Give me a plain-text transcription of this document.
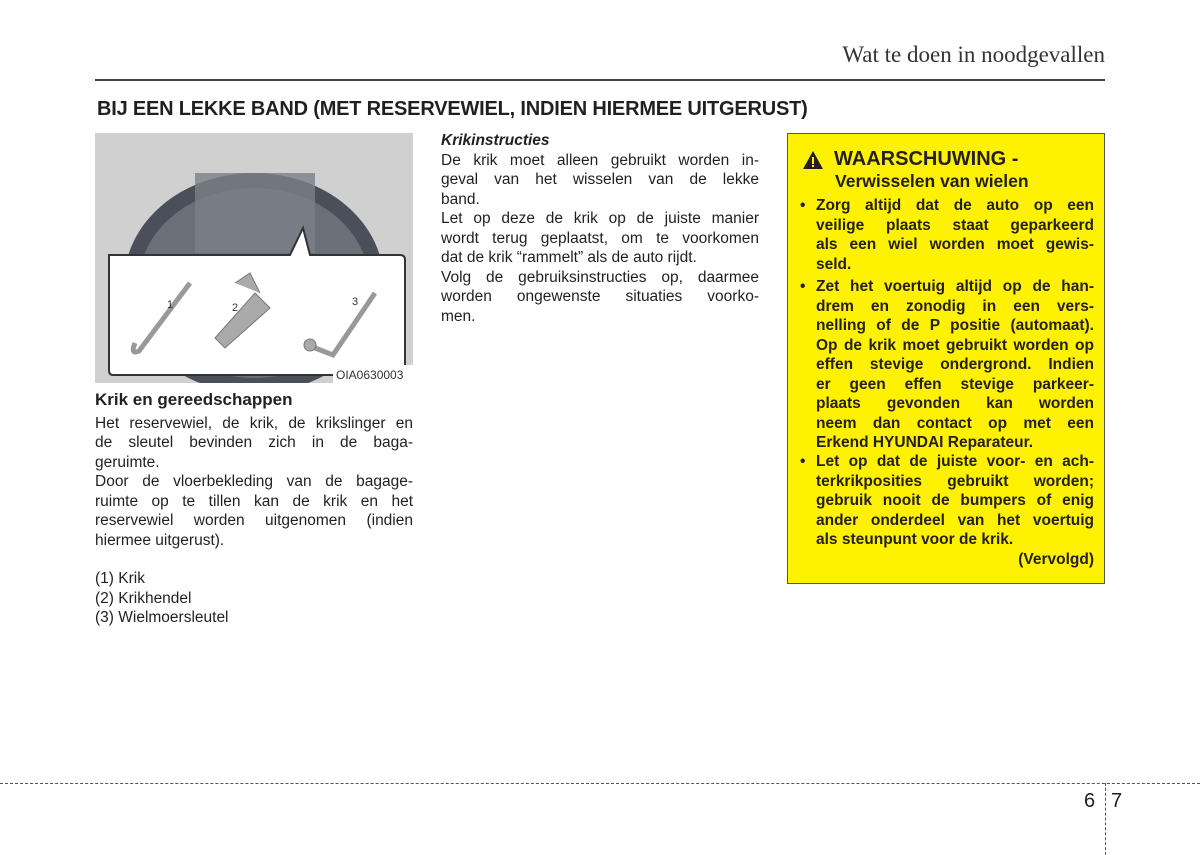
Wat te doen in noodgevallen
BIJ EEN LEKKE BAND (MET RESERVEWIEL, INDIEN HIERMEE UITGERUST)
1	2	3
OIA0630003
Krik en gereedschappen
Het reservewiel, de krik, de krikslinger en
de sleutel bevinden zich in de baga-
geruimte.
Door de vloerbekleding van de bagage-
ruimte op te tillen kan de krik en het
reservewiel worden uitgenomen (indien
hiermee uitgerust).
(1) Krik
(2) Krikhendel
(3) Wielmoersleutel
Krikinstructies
De krik moet alleen gebruikt worden in-
geval van het wisselen van de lekke
band.
Let op deze de krik op de juiste manier
wordt terug geplaatst, om te voorkomen
dat de krik “rammelt” als de auto rijdt.
Volg de gebruiksinstructies op, daarmee
worden ongewenste situaties voorko-
men.
WAARSCHUWING -
Verwisselen van wielen
• Zorg altijd dat de auto op een
veilige plaats staat geparkeerd
als een wiel worden moet gewis-
seld.
• Zet het voertuig altijd op de han-
drem en zonodig in een vers-
nelling of de P positie (automaat).
Op de krik moet gebruikt worden op
effen stevige ondergrond. Indien
er geen effen stevige parkeer-
plaats gevonden kan worden
neem dan contact op met een
Erkend HYUNDAI Reparateur.
• Let op dat de juiste voor- en ach-
terkrikposities gebruikt worden;
gebruik nooit de bumpers of enig
ander onderdeel van het voertuig
als steunpunt voor de krik.
(Vervolgd)
6 7
